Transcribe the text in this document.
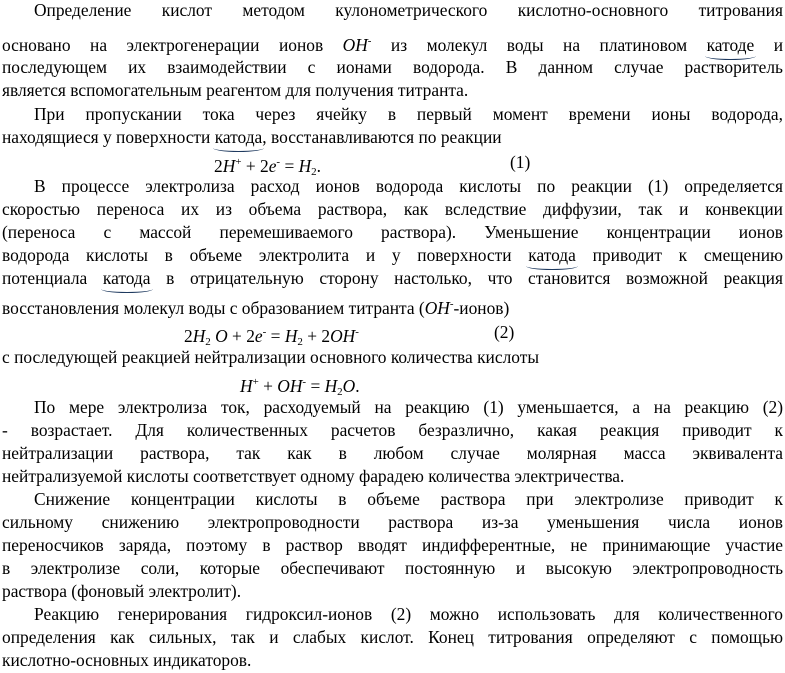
Определение кислот методом кулонометрического кислотно-основного титрования
основано на электрогенерации ионов OH- из молекул воды на платиновом катоде и
последующем их взаимодействии с ионами водорода. В данном случае растворитель
является вспомогательным реагентом для получения титранта.
При пропускании тока через ячейку в первый момент времени ионы водорода,
находящиеся у поверхности катода, восстанавливаются по реакции
$2H^+ + 2e^- = H_2$.	(1)
В процессе электролиза расход ионов водорода кислоты по реакции (1) определяется
скоростью переноса их из объема раствора, как вследствие диффузии, так и конвекции
(переноса с массой перемешиваемого раствора). Уменьшение концентрации ионов
водорода кислоты в объеме электролита и у поверхности катода приводит к смещению
потенциала катода в отрицательную сторону настолько, что становится возможной реакция
восстановления молекул воды с образованием титранта (OH--ионов)
$2H_2$ $O + 2e^- = H_2 + 2OH^-$	(2)
с последующей реакцией нейтрализации основного количества кислоты
$H^+ + OH^- = H_2O$.
По мере электролиза ток, расходуемый на реакцию (1) уменьшается, а на реакцию (2)
- возрастает. Для количественных расчетов безразлично, какая реакция приводит к
нейтрализации раствора, так как в любом случае молярная масса эквивалента
нейтрализуемой кислоты соответствует одному фарадею количества электричества.
Снижение концентрации кислоты в объеме раствора при электролизе приводит к
сильному снижению электропроводности раствора из-за уменьшения числа ионов
переносчиков заряда, поэтому в раствор вводят индифферентные, не принимающие участие
в электролизе соли, которые обеспечивают постоянную и высокую электропроводность
раствора (фоновый электролит).
Реакцию генерирования гидроксил-ионов (2) можно использовать для количественного
определения как сильных, так и слабых кислот. Конец титрования определяют с помощью
кислотно-основных индикаторов.
